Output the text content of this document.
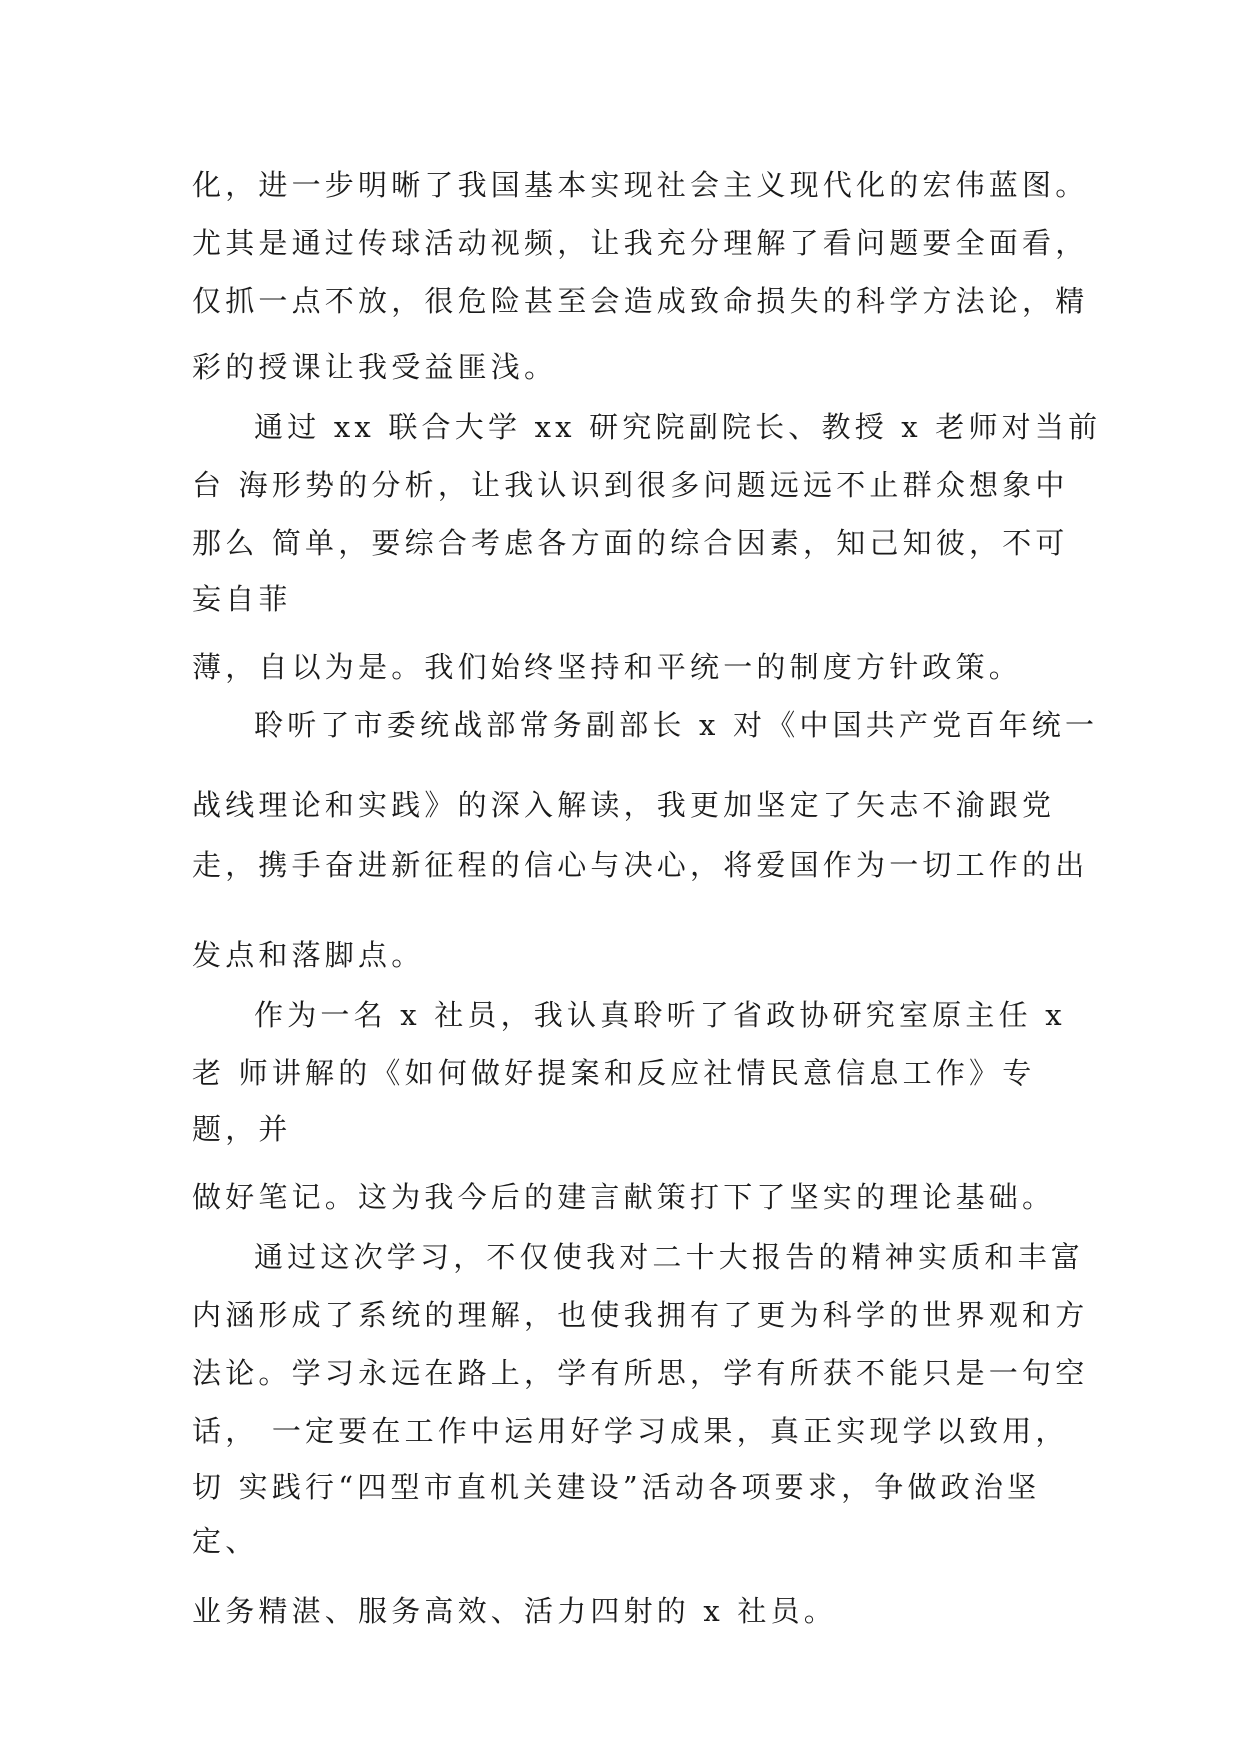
化，进一步明晰了我国基本实现社会主义现代化的宏伟蓝图。
尤其是通过传球活动视频，让我充分理解了看问题要全面看，
仅抓一点不放，很危险甚至会造成致命损失的科学方法论，精
彩的授课让我受益匪浅。
通过 xx 联合大学 xx 研究院副院长、教授 x 老师对当前
台 海形势的分析，让我认识到很多问题远远不止群众想象中
那么 简单，要综合考虑各方面的综合因素，知己知彼，不可
妄自菲
薄，自以为是。我们始终坚持和平统一的制度方针政策。
聆听了市委统战部常务副部长 x 对《中国共产党百年统一
战线理论和实践》的深入解读，我更加坚定了矢志不渝跟党
走，携手奋进新征程的信心与决心，将爱国作为一切工作的出
发点和落脚点。
作为一名 x 社员，我认真聆听了省政协研究室原主任 x
老 师讲解的《如何做好提案和反应社情民意信息工作》专
题，并
做好笔记。这为我今后的建言献策打下了坚实的理论基础。
通过这次学习，不仅使我对二十大报告的精神实质和丰富
内涵形成了系统的理解，也使我拥有了更为科学的世界观和方
法论。学习永远在路上，学有所思，学有所获不能只是一句空
话， 一定要在工作中运用好学习成果，真正实现学以致用，
切 实践行“四型市直机关建设”活动各项要求，争做政治坚
定、
业务精湛、服务高效、活力四射的 x 社员。
